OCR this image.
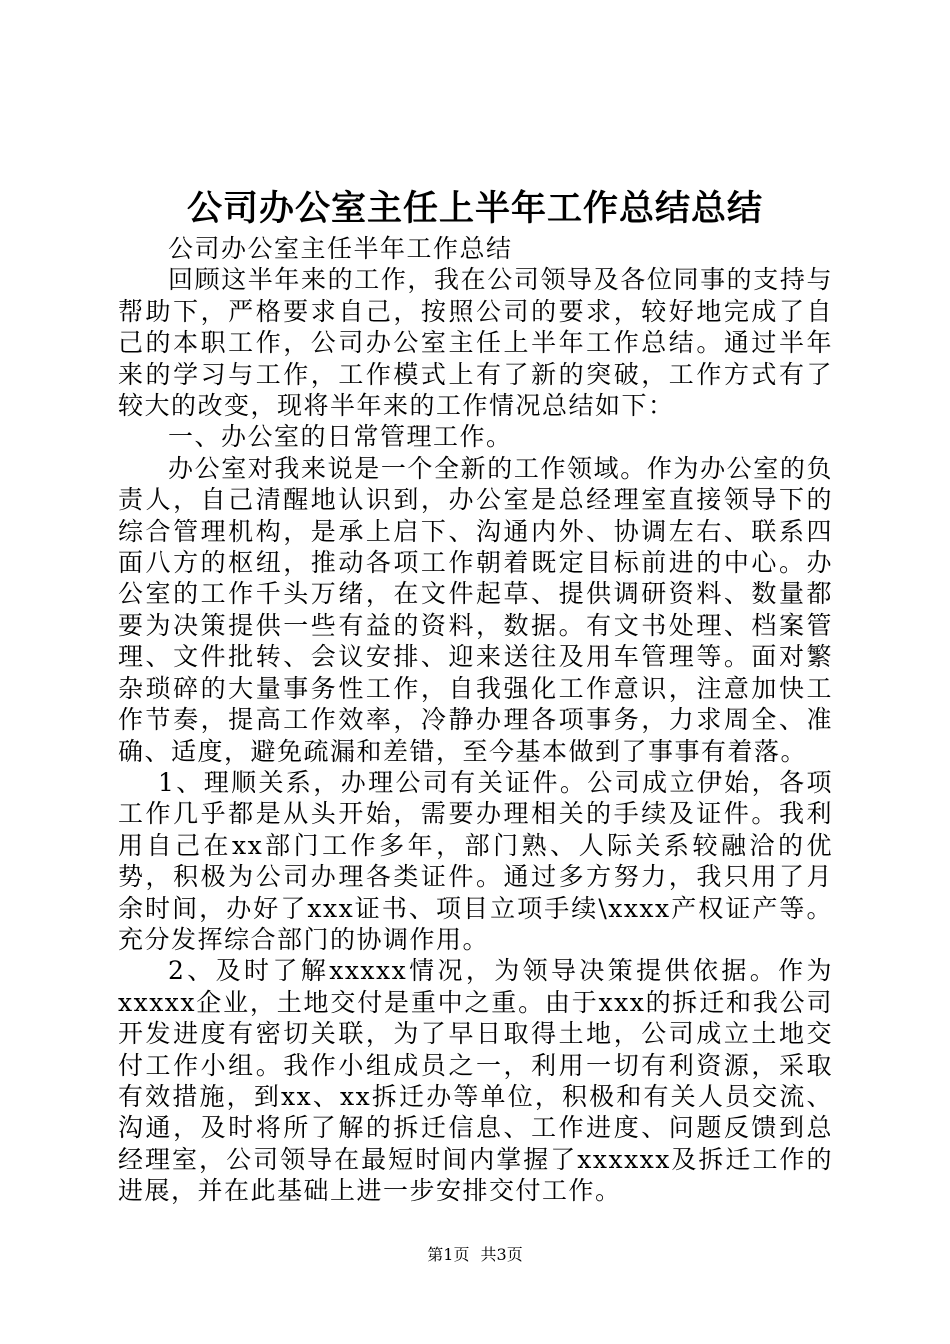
公司办公室主任上半年工作总结总结

公司办公室主任半年工作总结

回顾这半年来的工作，我在公司领导及各位同事的支持与帮助下，严格要求自己，按照公司的要求，较好地完成了自己的本职工作，公司办公室主任上半年工作总结。通过半年来的学习与工作，工作模式上有了新的突破，工作方式有了较大的改变，现将半年来的工作情况总结如下：

一、办公室的日常管理工作。

办公室对我来说是一个全新的工作领域。作为办公室的负责人，自己清醒地认识到，办公室是总经理室直接领导下的综合管理机构，是承上启下、沟通内外、协调左右、联系四面八方的枢纽，推动各项工作朝着既定目标前进的中心。办公室的工作千头万绪，在文件起草、提供调研资料、数量都要为决策提供一些有益的资料，数据。有文书处理、档案管理、文件批转、会议安排、迎来送往及用车管理等。面对繁杂琐碎的大量事务性工作，自我强化工作意识，注意加快工作节奏，提高工作效率，冷静办理各项事务，力求周全、准确、适度，避免疏漏和差错，至今基本做到了事事有着落。

1、理顺关系，办理公司有关证件。公司成立伊始，各项工作几乎都是从头开始，需要办理相关的手续及证件。我利用自己在xx部门工作多年，部门熟、人际关系较融洽的优势，积极为公司办理各类证件。通过多方努力，我只用了月余时间，办好了xxx证书、项目立项手续\xxxx产权证产等。充分发挥综合部门的协调作用。

2、及时了解xxxxx情况，为领导决策提供依据。作为xxxxx企业，土地交付是重中之重。由于xxx的拆迁和我公司开发进度有密切关联，为了早日取得土地，公司成立土地交付工作小组。我作小组成员之一，利用一切有利资源，采取有效措施，到xx、xx拆迁办等单位，积极和有关人员交流、沟通，及时将所了解的拆迁信息、工作进度、问题反馈到总经理室，公司领导在最短时间内掌握了xxxxxx及拆迁工作的进展，并在此基础上进一步安排交付工作。

第1页 共3页
